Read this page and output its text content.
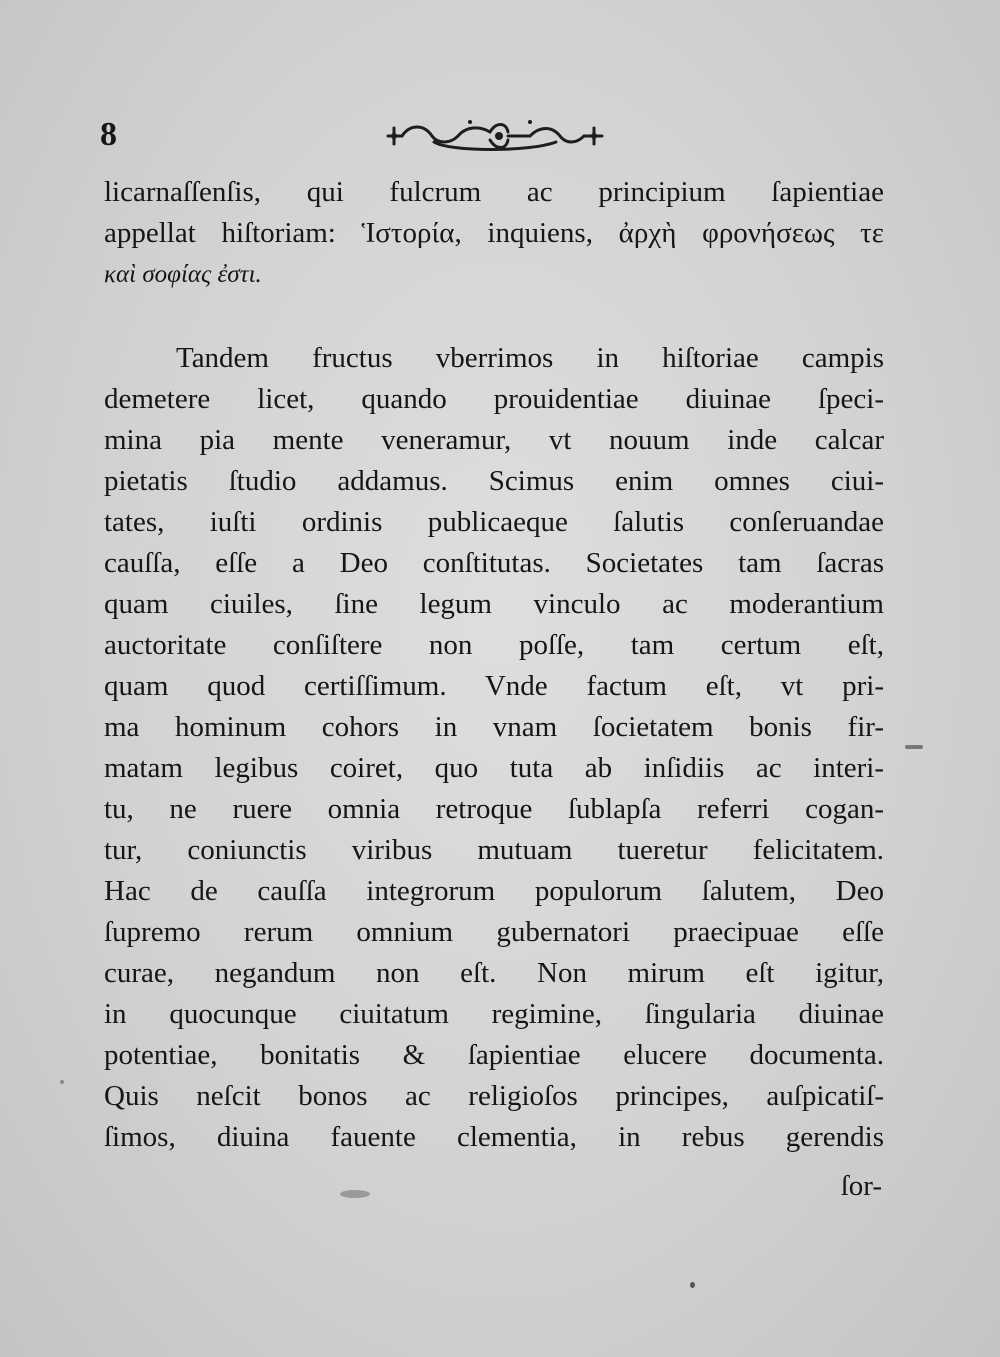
8
licarnaſſenſis, qui fulcrum ac principium ſapientiae
appellat hiſtoriam: Ἱστορία, inquiens, ἀρχὴ φρονήσεως τε
καὶ σοφίας ἐστι.
Tandem fructus vberrimos in hiſtoriae campis
demetere licet, quando prouidentiae diuinae ſpeci-
mina pia mente veneramur, vt nouum inde calcar
pietatis ſtudio addamus. Scimus enim omnes ciui-
tates, iuſti ordinis publicaeque ſalutis conſeruandae
cauſſa, eſſe a Deo conſtitutas. Societates tam ſacras
quam ciuiles, ſine legum vinculo ac moderantium
auctoritate conſiſtere non poſſe, tam certum eſt,
quam quod certiſſimum. Vnde factum eſt, vt pri-
ma hominum cohors in vnam ſocietatem bonis fir-
matam legibus coiret, quo tuta ab inſidiis ac interi-
tu, ne ruere omnia retroque ſublapſa referri cogan-
tur, coniunctis viribus mutuam tueretur felicitatem.
Hac de cauſſa integrorum populorum ſalutem, Deo
ſupremo rerum omnium gubernatori praecipuae eſſe
curae, negandum non eſt. Non mirum eſt igitur,
in quocunque ciuitatum regimine, ſingularia diuinae
potentiae, bonitatis & ſapientiae elucere documenta.
Quis neſcit bonos ac religioſos principes, auſpicatiſ-
ſimos, diuina fauente clementia, in rebus gerendis
ſor-
